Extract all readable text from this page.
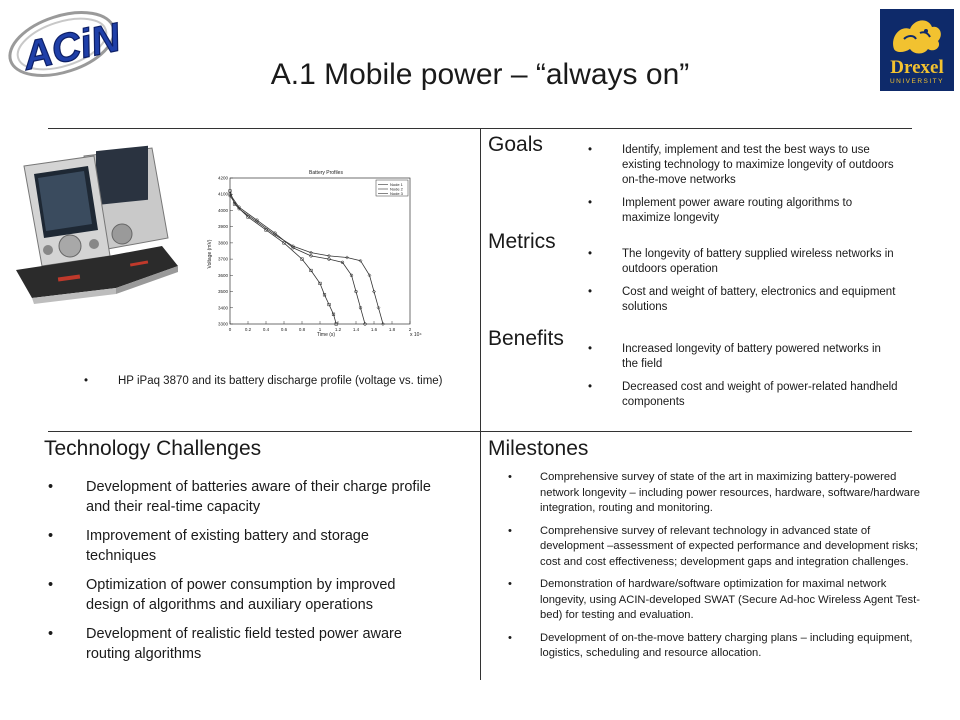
ACiN	Drexel
UNIVERSITY
A.1 Mobile power – “always on”
Battery Profiles
Voltage (mV)
Time (s)	x 10⁴
0	0.2	0.4	0.6	0.8	1	1.2	1.4	1.6	1.8	2
3300
3400
3500
3600
3700
3800
3900
4000
4100
4200
Node 1
Node 2
Node 3
• HP iPaq 3870 and its battery discharge profile (voltage vs. time)
Goals	• Identify, implement and test the best ways to use existing technology to maximize longevity of outdoors on-the-move networks
• Implement power aware routing algorithms to maximize longevity
Metrics
• The longevity of battery supplied wireless networks in outdoors operation
• Cost and weight of battery, electronics and equipment solutions
Benefits	• Increased longevity of battery powered networks in the field
• Decreased cost and weight of power-related handheld components
Technology Challenges
• Development of batteries aware of their charge profile and their real-time capacity
• Improvement of existing battery and storage techniques
• Optimization of power consumption by improved design of algorithms and auxiliary operations
• Development of realistic field tested power aware routing algorithms
Milestones
• Comprehensive survey of state of the art in maximizing battery-powered network longevity – including power resources, hardware, software/hardware integration, routing and monitoring.
• Comprehensive survey of relevant technology in advanced state of development –assessment of expected performance and development risks; cost and cost effectiveness; development gaps and integration challenges.
• Demonstration of hardware/software optimization for maximal network longevity, using ACIN-developed SWAT (Secure Ad-hoc Wireless Agent Test-bed) for testing and evaluation.
• Development of on-the-move battery charging plans – including equipment, logistics, scheduling and resource allocation.
